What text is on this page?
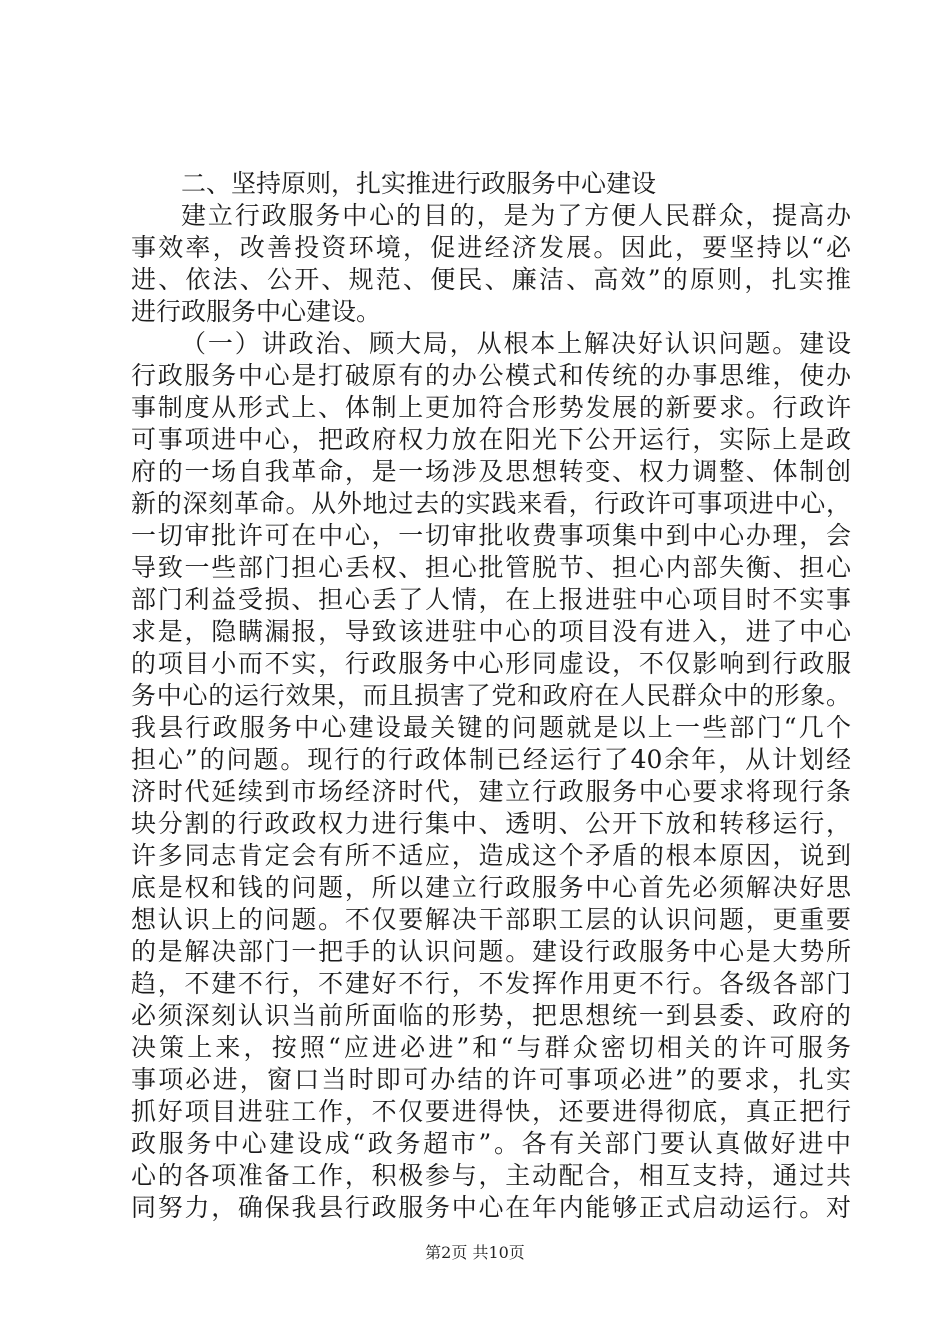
二、坚持原则，扎实推进行政服务中心建设
建立行政服务中心的目的，是为了方便人民群众，提高办
事效率，改善投资环境，促进经济发展。因此，要坚持以“必
进、依法、公开、规范、便民、廉洁、高效”的原则，扎实推
进行政服务中心建设。
（一）讲政治、顾大局，从根本上解决好认识问题。建设
行政服务中心是打破原有的办公模式和传统的办事思维，使办
事制度从形式上、体制上更加符合形势发展的新要求。行政许
可事项进中心，把政府权力放在阳光下公开运行，实际上是政
府的一场自我革命，是一场涉及思想转变、权力调整、体制创
新的深刻革命。从外地过去的实践来看，行政许可事项进中心，
一切审批许可在中心，一切审批收费事项集中到中心办理，会
导致一些部门担心丢权、担心批管脱节、担心内部失衡、担心
部门利益受损、担心丢了人情，在上报进驻中心项目时不实事
求是，隐瞒漏报，导致该进驻中心的项目没有进入，进了中心
的项目小而不实，行政服务中心形同虚设，不仅影响到行政服
务中心的运行效果，而且损害了党和政府在人民群众中的形象。
我县行政服务中心建设最关键的问题就是以上一些部门“几个
担心”的问题。现行的行政体制已经运行了40余年，从计划经
济时代延续到市场经济时代，建立行政服务中心要求将现行条
块分割的行政政权力进行集中、透明、公开下放和转移运行，
许多同志肯定会有所不适应，造成这个矛盾的根本原因，说到
底是权和钱的问题，所以建立行政服务中心首先必须解决好思
想认识上的问题。不仅要解决干部职工层的认识问题，更重要
的是解决部门一把手的认识问题。建设行政服务中心是大势所
趋，不建不行，不建好不行，不发挥作用更不行。各级各部门
必须深刻认识当前所面临的形势，把思想统一到县委、政府的
决策上来，按照“应进必进”和“与群众密切相关的许可服务
事项必进，窗口当时即可办结的许可事项必进”的要求，扎实
抓好项目进驻工作，不仅要进得快，还要进得彻底，真正把行
政服务中心建设成“政务超市”。各有关部门要认真做好进中
心的各项准备工作，积极参与，主动配合，相互支持，通过共
同努力，确保我县行政服务中心在年内能够正式启动运行。对
第2页 共10页
